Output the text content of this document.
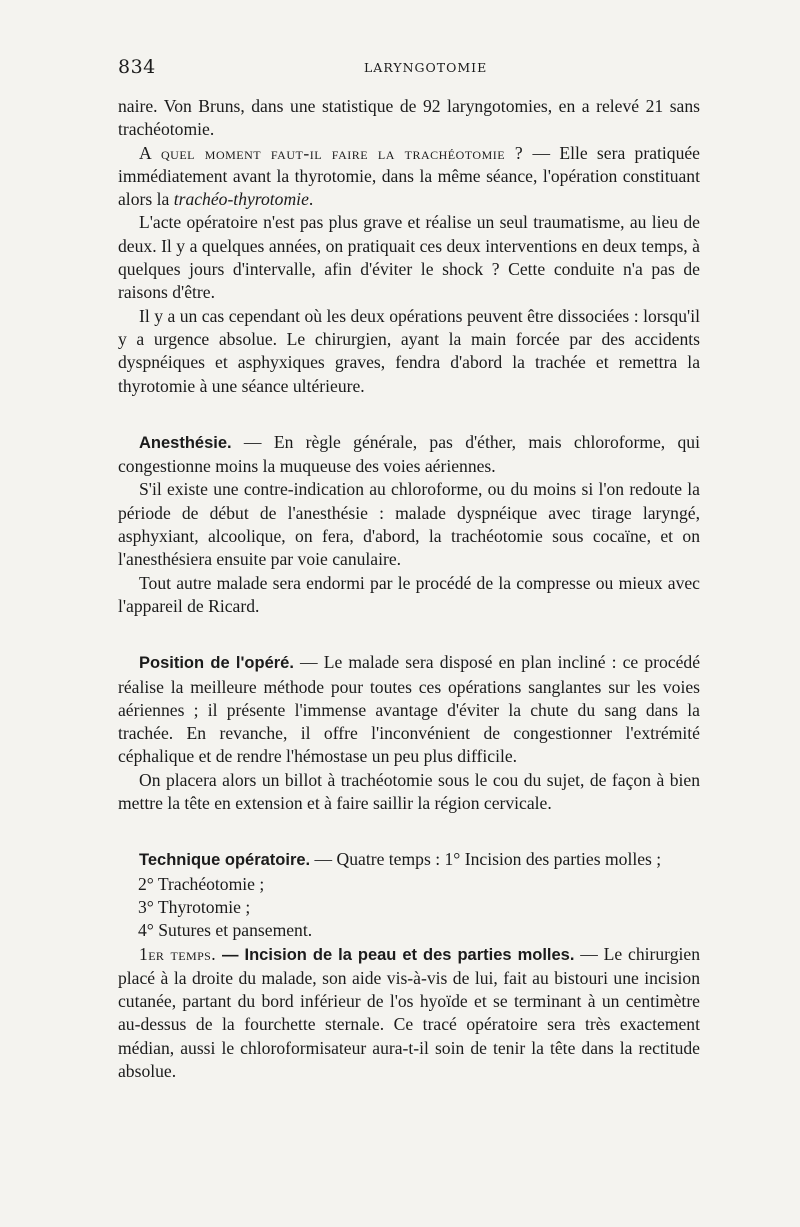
834	LARYNGOTOMIE

naire. Von Bruns, dans une statistique de 92 laryngotomies, en a relevé 21 sans trachéotomie.

A quel moment faut-il faire la trachéotomie ? — Elle sera pratiquée immédiatement avant la thyrotomie, dans la même séance, l'opération constituant alors la trachéo-thyrotomie.

L'acte opératoire n'est pas plus grave et réalise un seul traumatisme, au lieu de deux. Il y a quelques années, on pratiquait ces deux interventions en deux temps, à quelques jours d'intervalle, afin d'éviter le shock ? Cette conduite n'a pas de raisons d'être.

Il y a un cas cependant où les deux opérations peuvent être dissociées : lorsqu'il y a urgence absolue. Le chirurgien, ayant la main forcée par des accidents dyspnéiques et asphyxiques graves, fendra d'abord la trachée et remettra la thyrotomie à une séance ultérieure.

Anesthésie. — En règle générale, pas d'éther, mais chloroforme, qui congestionne moins la muqueuse des voies aériennes.

S'il existe une contre-indication au chloroforme, ou du moins si l'on redoute la période de début de l'anesthésie : malade dyspnéique avec tirage laryngé, asphyxiant, alcoolique, on fera, d'abord, la trachéotomie sous cocaïne, et on l'anesthésiera ensuite par voie canulaire.

Tout autre malade sera endormi par le procédé de la compresse ou mieux avec l'appareil de Ricard.

Position de l'opéré. — Le malade sera disposé en plan incliné : ce procédé réalise la meilleure méthode pour toutes ces opérations sanglantes sur les voies aériennes ; il présente l'immense avantage d'éviter la chute du sang dans la trachée. En revanche, il offre l'inconvénient de congestionner l'extrémité céphalique et de rendre l'hémostase un peu plus difficile.

On placera alors un billot à trachéotomie sous le cou du sujet, de façon à bien mettre la tête en extension et à faire saillir la région cervicale.

Technique opératoire. — Quatre temps : 1° Incision des parties molles ;

2° Trachéotomie ;

3° Thyrotomie ;

4° Sutures et pansement.

1er temps. — Incision de la peau et des parties molles. — Le chirurgien placé à la droite du malade, son aide vis-à-vis de lui, fait au bistouri une incision cutanée, partant du bord inférieur de l'os hyoïde et se terminant à un centimètre au-dessus de la fourchette sternale. Ce tracé opératoire sera très exactement médian, aussi le chloroformisateur aura-t-il soin de tenir la tête dans la rectitude absolue.
